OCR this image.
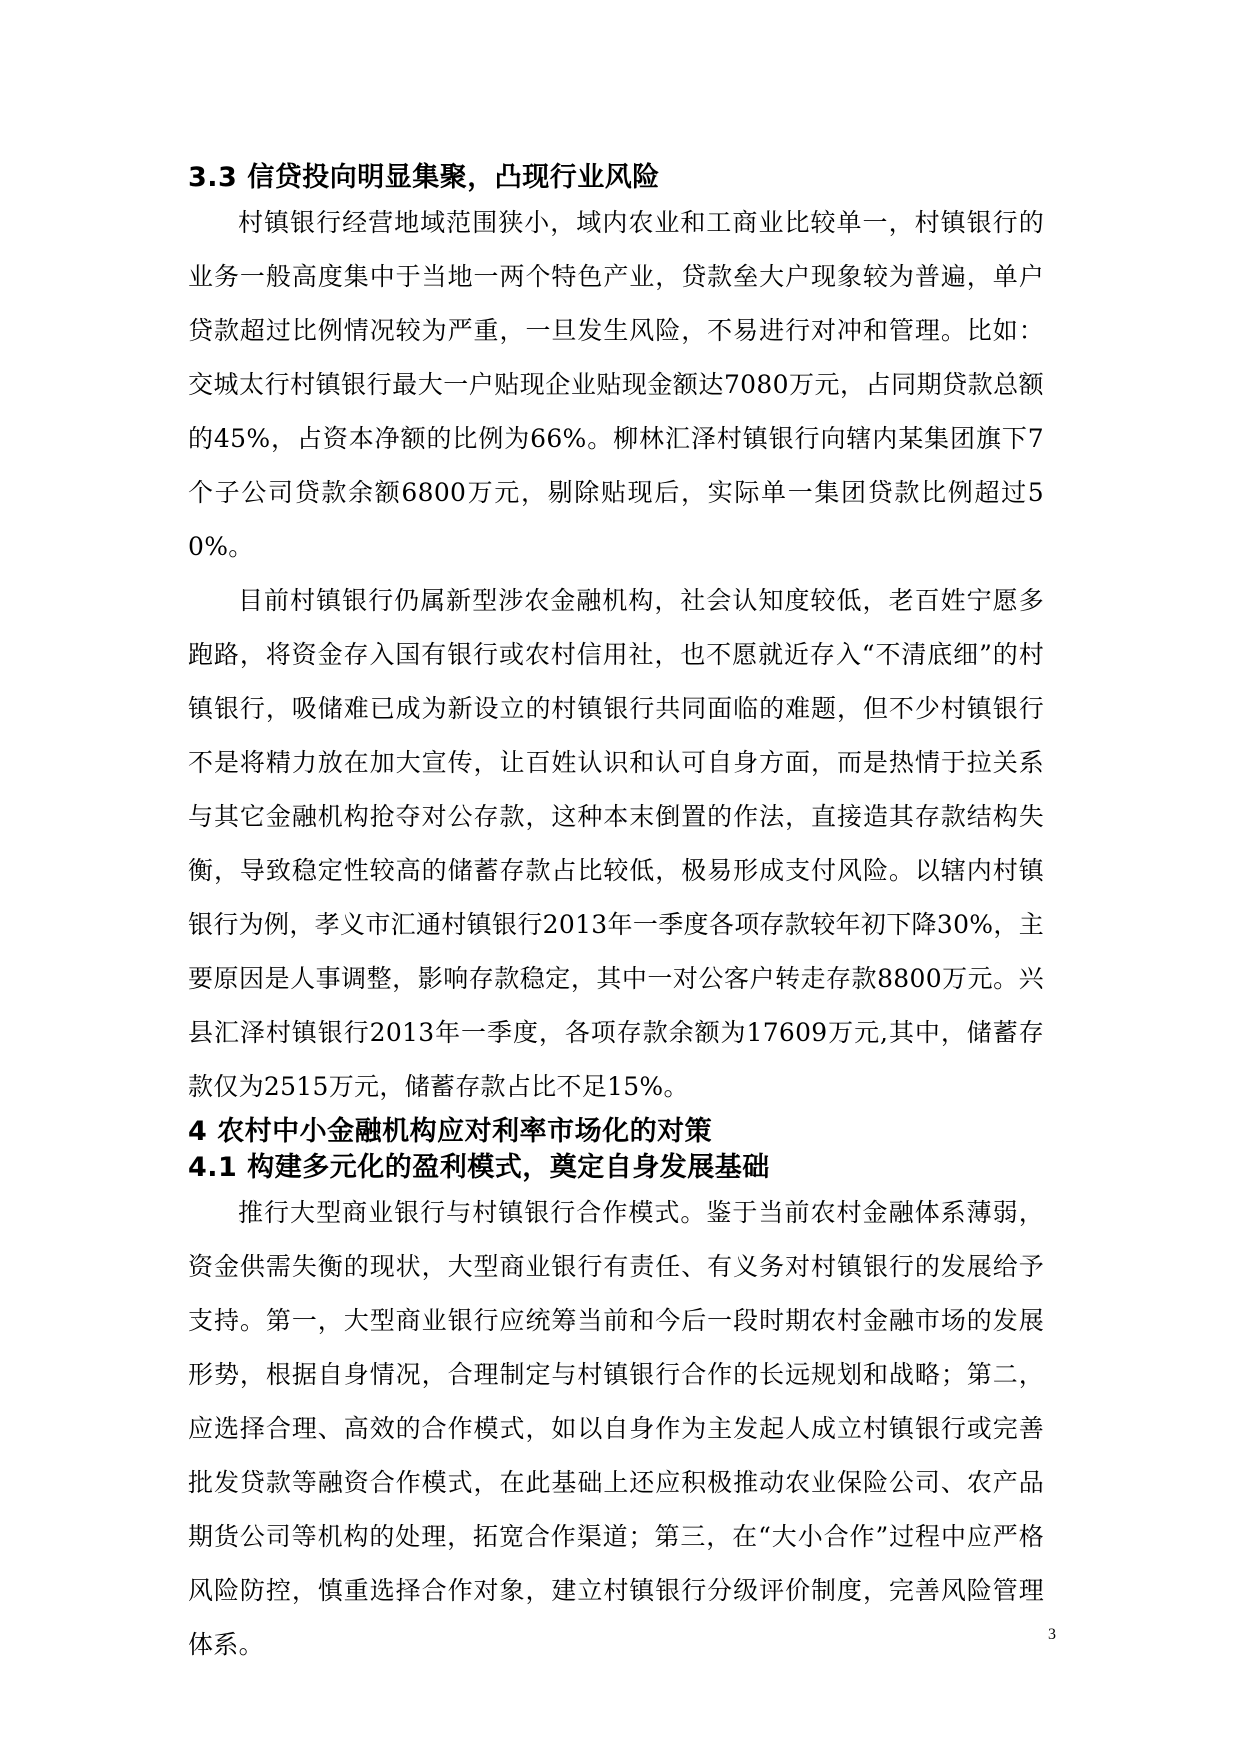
3.3 信贷投向明显集聚，凸现行业风险

村镇银行经营地域范围狭小，域内农业和工商业比较单一，村镇银行的业务一般高度集中于当地一两个特色产业，贷款垒大户现象较为普遍，单户贷款超过比例情况较为严重，一旦发生风险，不易进行对冲和管理。比如：交城太行村镇银行最大一户贴现企业贴现金额达7080万元，占同期贷款总额的45%，占资本净额的比例为66%。柳林汇泽村镇银行向辖内某集团旗下7个子公司贷款余额6800万元，剔除贴现后，实际单一集团贷款比例超过50%。

目前村镇银行仍属新型涉农金融机构，社会认知度较低，老百姓宁愿多跑路，将资金存入国有银行或农村信用社，也不愿就近存入“不清底细”的村镇银行，吸储难已成为新设立的村镇银行共同面临的难题，但不少村镇银行不是将精力放在加大宣传，让百姓认识和认可自身方面，而是热情于拉关系与其它金融机构抢夺对公存款，这种本末倒置的作法，直接造其存款结构失衡，导致稳定性较高的储蓄存款占比较低，极易形成支付风险。以辖内村镇银行为例，孝义市汇通村镇银行2013年一季度各项存款较年初下降30%，主要原因是人事调整，影响存款稳定，其中一对公客户转走存款8800万元。兴县汇泽村镇银行2013年一季度，各项存款余额为17609万元,其中，储蓄存款仅为2515万元，储蓄存款占比不足15%。

4 农村中小金融机构应对利率市场化的对策
4.1 构建多元化的盈利模式，奠定自身发展基础

推行大型商业银行与村镇银行合作模式。鉴于当前农村金融体系薄弱，资金供需失衡的现状，大型商业银行有责任、有义务对村镇银行的发展给予支持。第一，大型商业银行应统筹当前和今后一段时期农村金融市场的发展形势，根据自身情况，合理制定与村镇银行合作的长远规划和战略；第二，应选择合理、高效的合作模式，如以自身作为主发起人成立村镇银行或完善批发贷款等融资合作模式，在此基础上还应积极推动农业保险公司、农产品期货公司等机构的处理，拓宽合作渠道；第三，在“大小合作”过程中应严格风险防控，慎重选择合作对象，建立村镇银行分级评价制度，完善风险管理体系。	3
